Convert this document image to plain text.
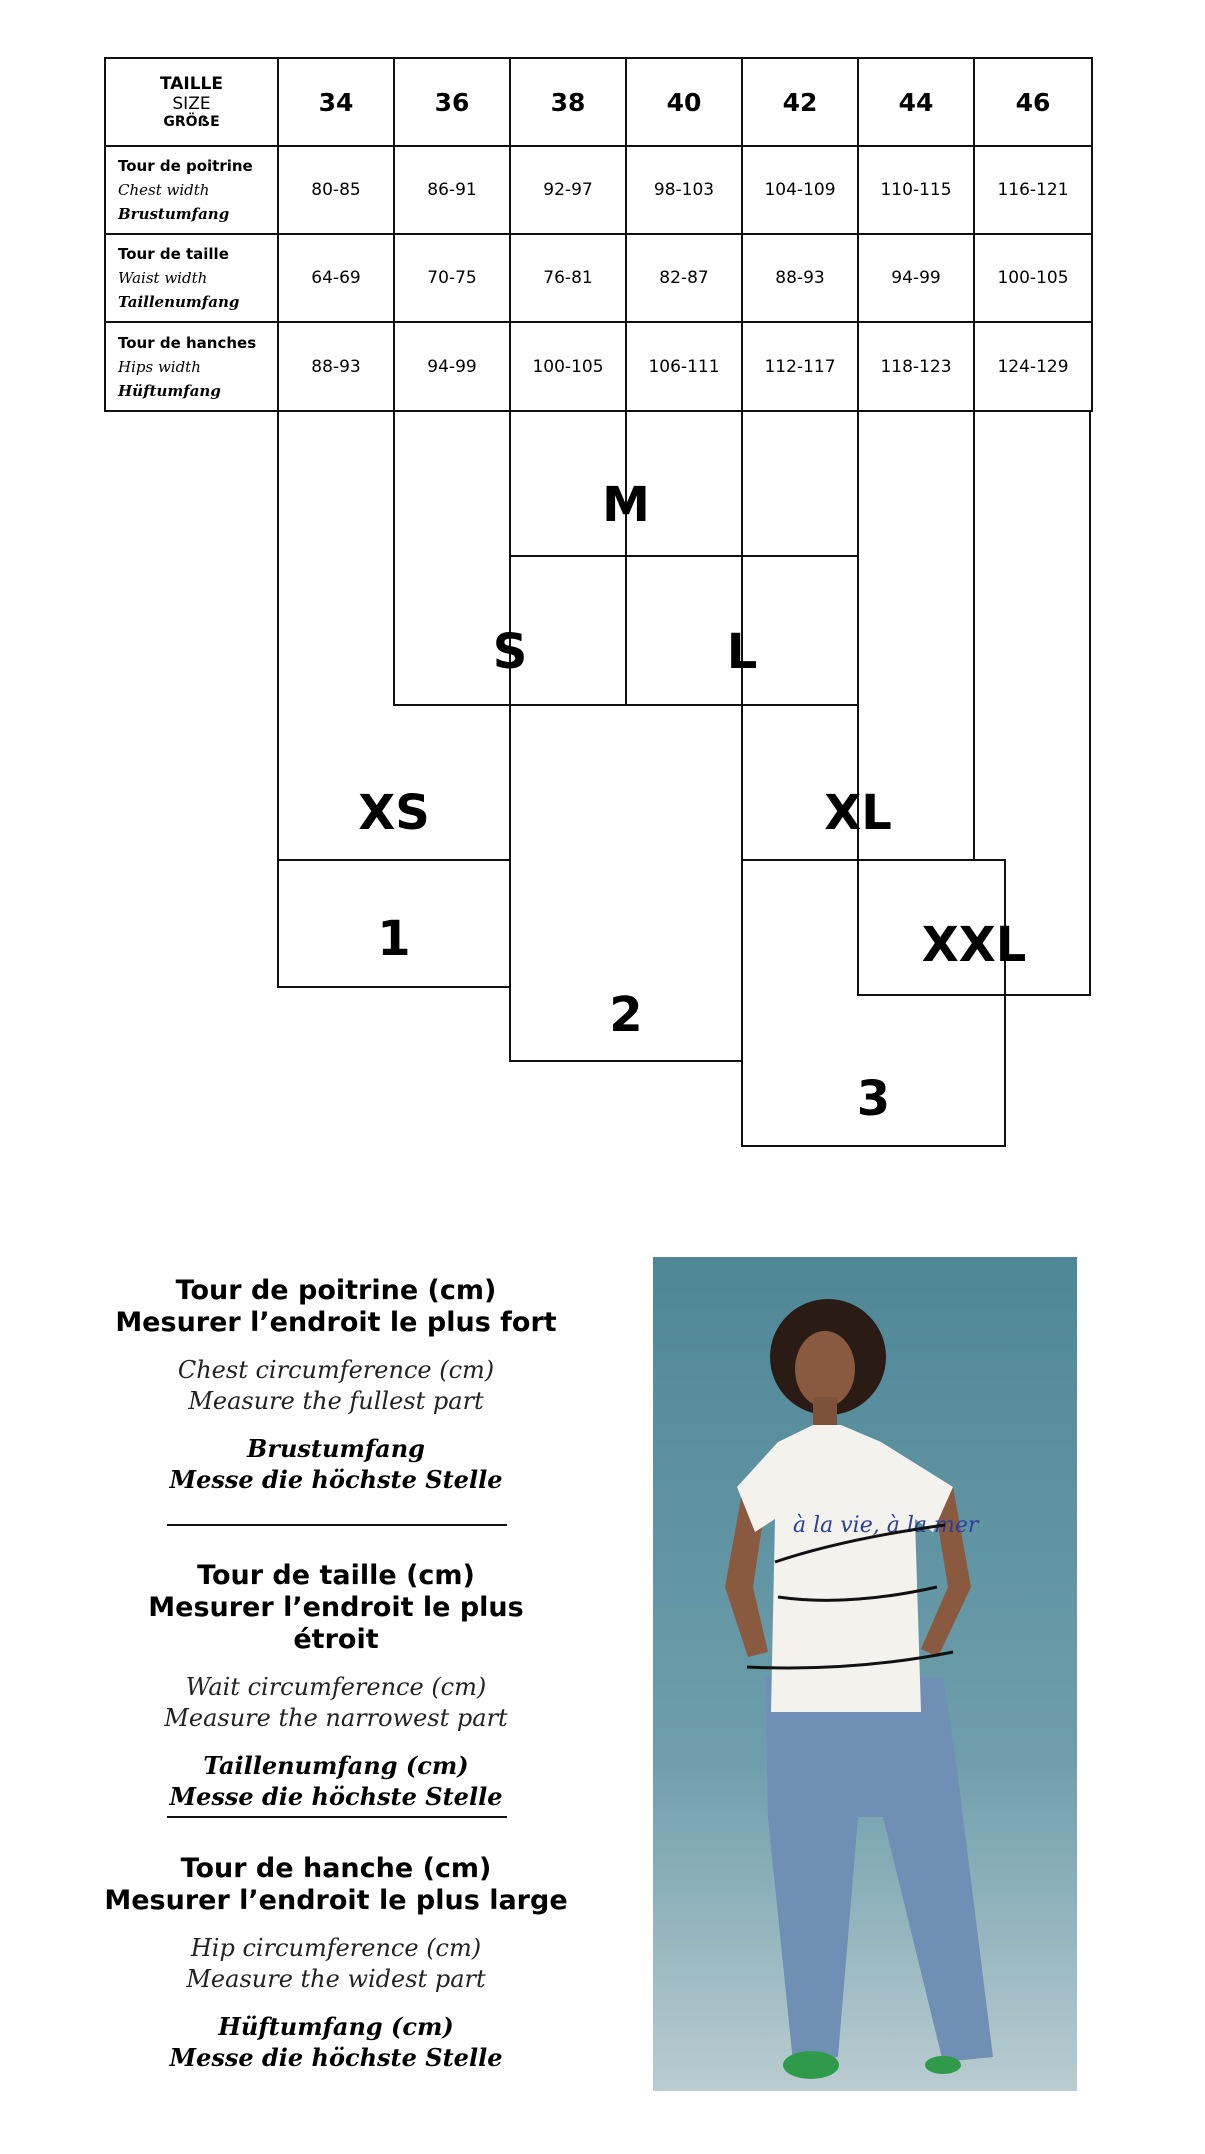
TAILLE
SIZE
GRÖẞE	34	36	38	40	42	44	46

Tour de poitrine
Chest width
Brustumfang	80-85	86-91	92-97	98-103	104-109	110-115	116-121

Tour de taille
Waist width
Taillenumfang	64-69	70-75	76-81	82-87	88-93	94-99	100-105

Tour de hanches
Hips width
Hüftumfang	88-93	94-99	100-105	106-111	112-117	118-123	124-129
M
S	L
XS	XL
XXL
1
2
3
Tour de poitrine (cm)
Mesurer l’endroit le plus fort
Chest circumference (cm)
Measure the fullest part
Brustumfang
Messe die höchste Stelle
Tour de taille (cm)
Mesurer l’endroit le plus étroit
Wait circumference (cm)
Measure the narrowest part
Taillenumfang (cm)
Messe die höchste Stelle
Tour de hanche (cm)
Mesurer l’endroit le plus large
Hip circumference (cm)
Measure the widest part
Hüftumfang (cm)
Messe die höchste Stelle
à la vie, à la mer
